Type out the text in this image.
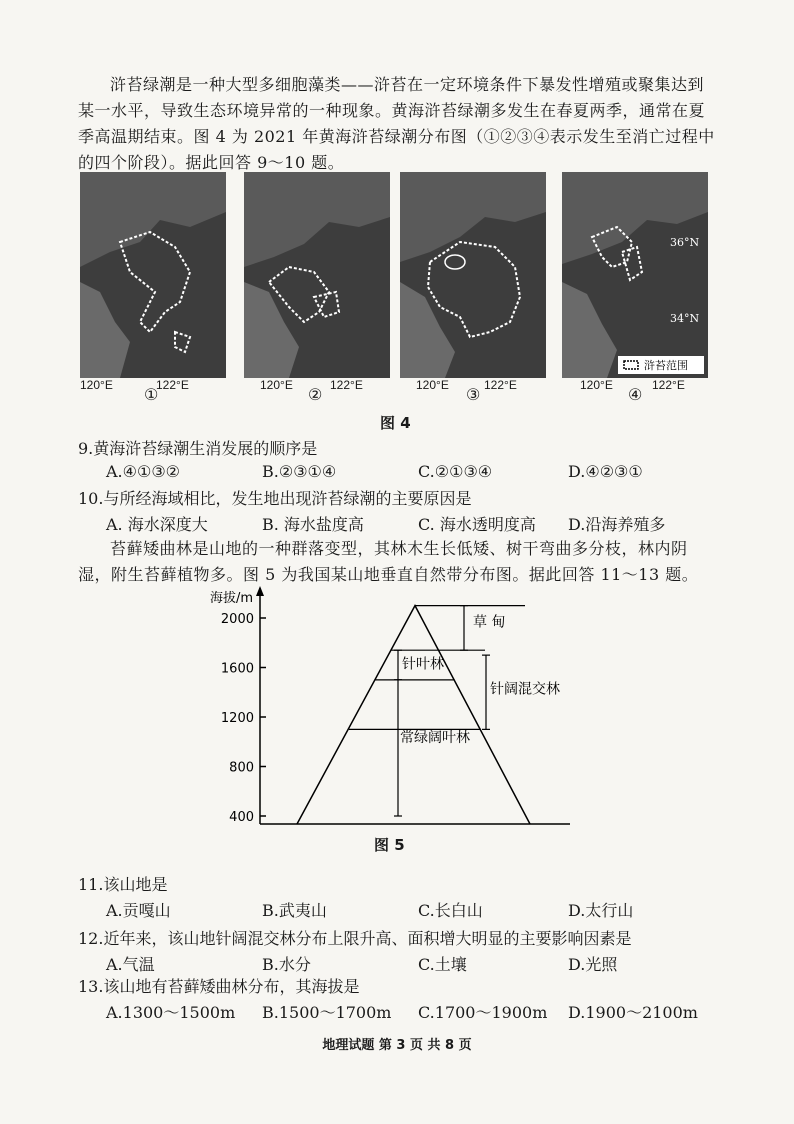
浒苔绿潮是一种大型多细胞藻类——浒苔在一定环境条件下暴发性增殖或聚集达到某一水平，导致生态环境异常的一种现象。黄海浒苔绿潮多发生在春夏两季，通常在夏季高温期结束。图 4 为 2021 年黄海浒苔绿潮分布图（①②③④表示发生至消亡过程中的四个阶段）。据此回答 9～10 题。
36°N
34°N
浒苔范围
120°E	122°E
①	120°E	122°E
②	120°E	122°E
③	120°E	122°E
④
图 4
9.黄海浒苔绿潮生消发展的顺序是
A.④①③②	B.②③①④	C.②①③④	D.④②③①
10.与所经海域相比，发生地出现浒苔绿潮的主要原因是
A. 海水深度大	B. 海水盐度高	C. 海水透明度高 D.沿海养殖多
苔藓矮曲林是山地的一种群落变型，其林木生长低矮、树干弯曲多分枝，林内阴湿，附生苔藓植物多。图 5 为我国某山地垂直自然带分布图。据此回答 11～13 题。
海拔/m
2000
1600
1200
800
400
草 甸
针叶林
针阔混交林
常绿阔叶林
图 5
11.该山地是
A.贡嘎山	B.武夷山	C.长白山	D.太行山
12.近年来，该山地针阔混交林分布上限升高、面积增大明显的主要影响因素是
A.气温	B.水分	C.土壤	D.光照
13.该山地有苔藓矮曲林分布，其海拔是
A.1300～1500m B.1500～1700m C.1700～1900m D.1900～2100m
地理试题 第 3 页 共 8 页
